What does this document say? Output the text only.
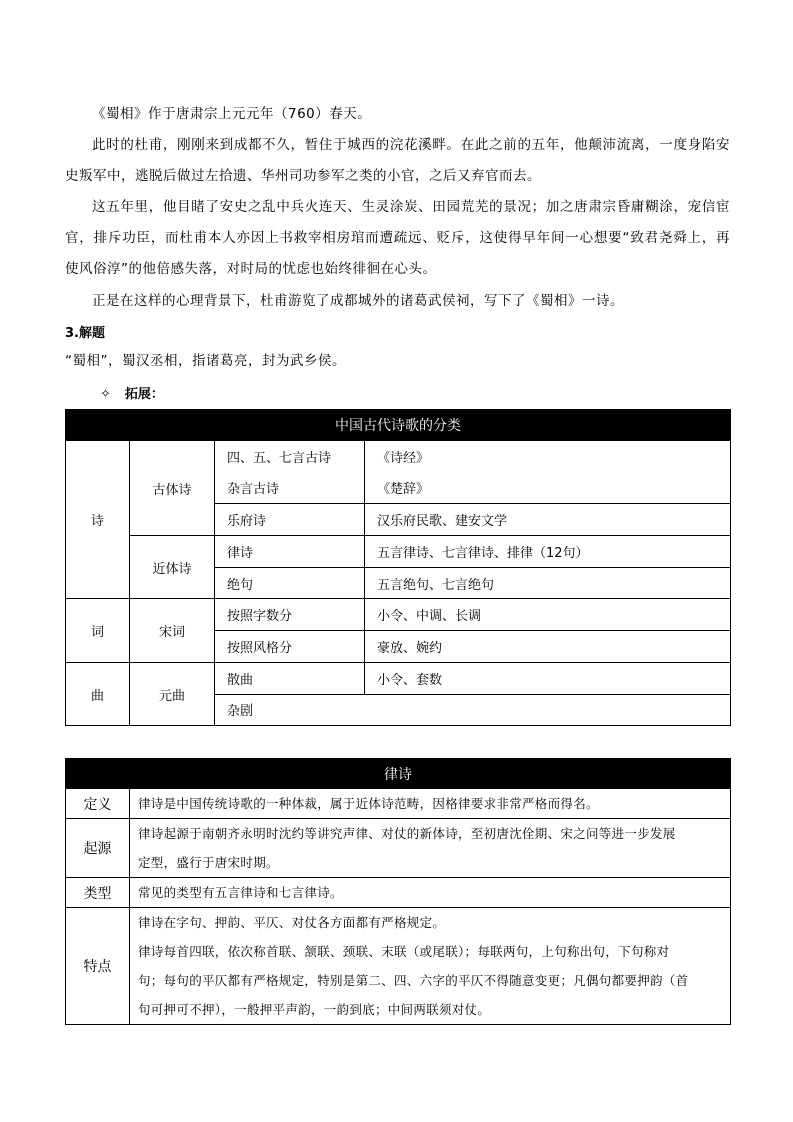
《蜀相》作于唐肃宗上元元年（760）春天。

此时的杜甫，刚刚来到成都不久，暂住于城西的浣花溪畔。在此之前的五年，他颠沛流离，一度身陷安史叛军中，逃脱后做过左拾遗、华州司功参军之类的小官，之后又弃官而去。

这五年里，他目睹了安史之乱中兵火连天、生灵涂炭、田园荒芜的景况；加之唐肃宗昏庸糊涂，宠信宦官，排斥功臣，而杜甫本人亦因上书救宰相房琯而遭疏远、贬斥，这使得早年间一心想要“致君尧舜上，再使风俗淳”的他倍感失落，对时局的忧虑也始终徘徊在心头。

正是在这样的心理背景下，杜甫游览了成都城外的诸葛武侯祠，写下了《蜀相》一诗。

3.解题

“蜀相”，蜀汉丞相，指诸葛亮，封为武乡侯。

✧ 拓展：

中国古代诗歌的分类			
诗	古体诗	四、五、七言古诗	《诗经》
		杂言古诗	《楚辞》
		乐府诗	汉乐府民歌、建安文学
	近体诗	律诗	五言律诗、七言律诗、排律（12句）
		绝句	五言绝句、七言绝句
词	宋词	按照字数分	小令、中调、长调
		按照风格分	豪放、婉约
曲	元曲	散曲	小令、套数
		杂剧	
律诗	
定义	律诗是中国传统诗歌的一种体裁，属于近体诗范畴，因格律要求非常严格而得名。

起源	律诗起源于南朝齐永明时沈约等讲究声律、对仗的新体诗，至初唐沈佺期、宋之问等进一步发展
定型，盛行于唐宋时期。

类型	常见的类型有五言律诗和七言律诗。

特点	律诗在字句、押韵、平仄、对仗各方面都有严格规定。
律诗每首四联，依次称首联、颔联、颈联、末联（或尾联）；每联两句，上句称出句，下句称对
句；每句的平仄都有严格规定，特别是第二、四、六字的平仄不得随意变更；凡偶句都要押韵（首
句可押可不押），一般押平声韵，一韵到底；中间两联须对仗。
